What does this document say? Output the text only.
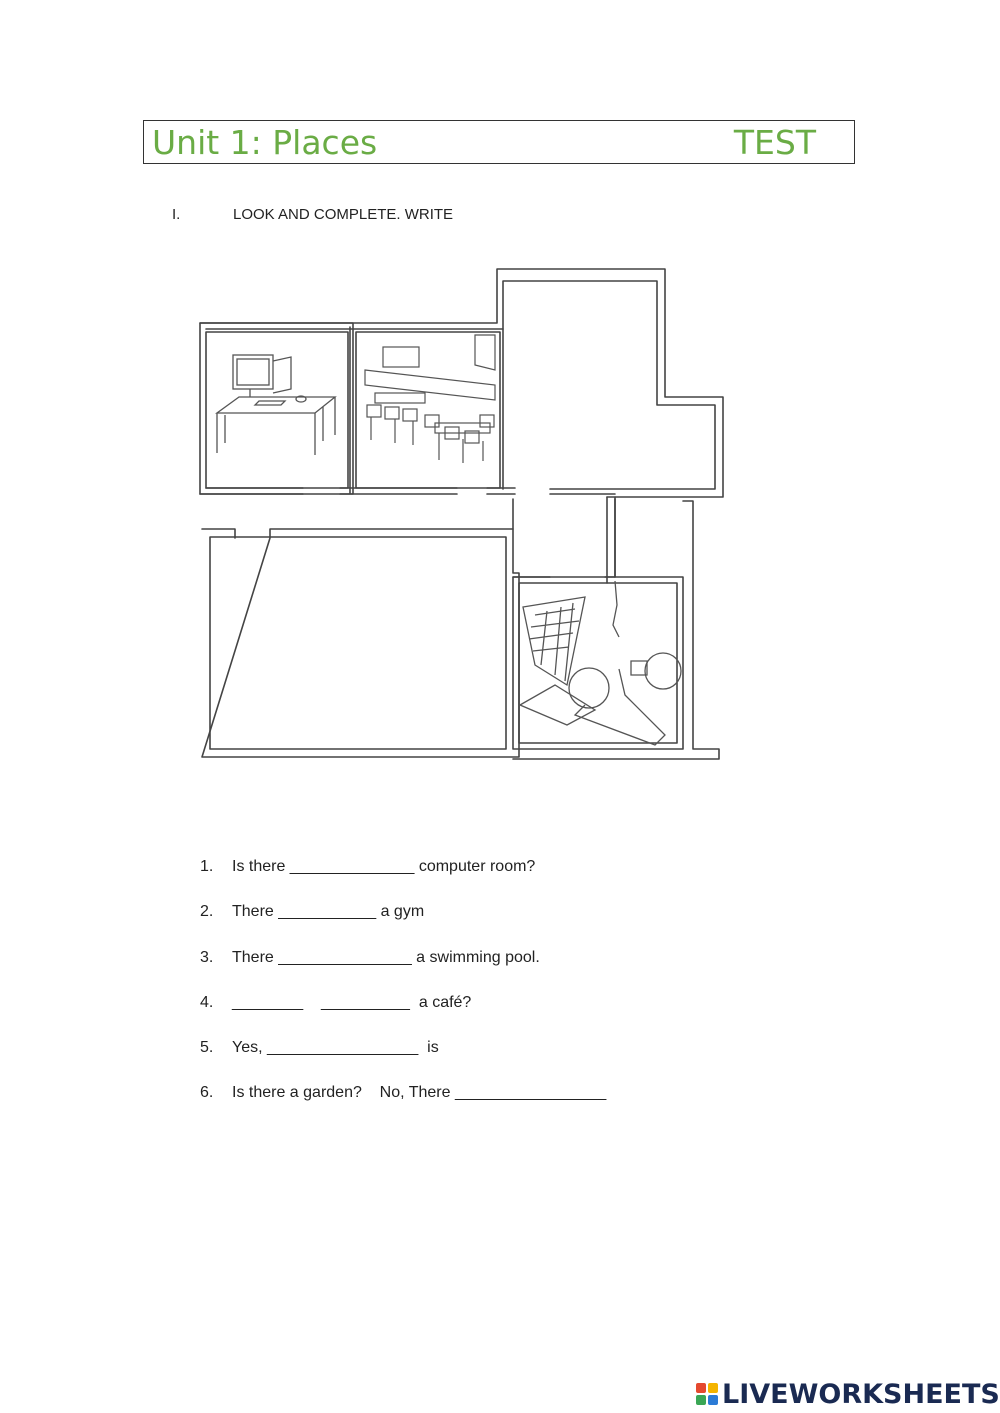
Unit 1: Places	TEST
I.	LOOK AND COMPLETE. WRITE
1.	Is there ______________ computer room?
2.	There ___________ a gym
3.	There _______________ a swimming pool.
4.	________    __________  a café?
5.	Yes, _________________  is
6.	Is there a garden?    No, There _________________
LIVEWORKSHEETS
